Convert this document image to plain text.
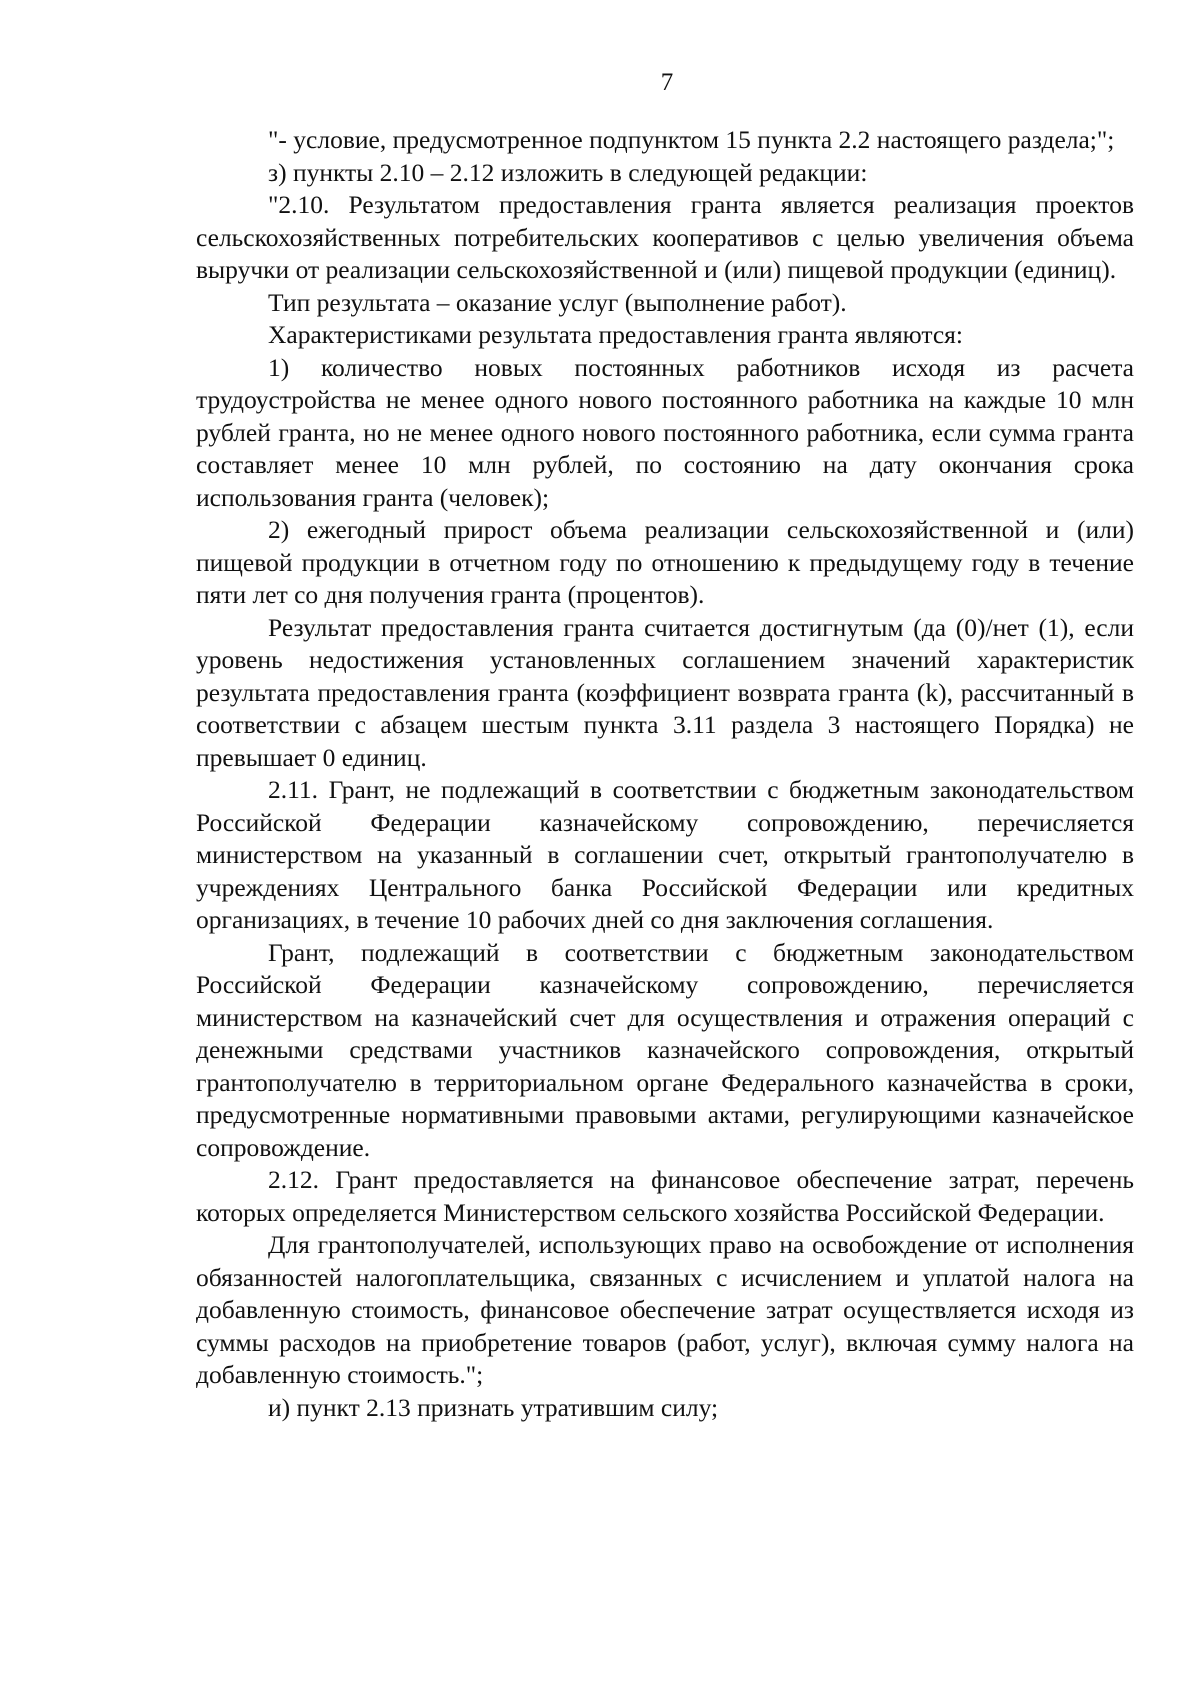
7

"- условие, предусмотренное подпунктом 15 пункта 2.2 настоящего раздела;";

з) пункты 2.10 – 2.12 изложить в следующей редакции:

"2.10. Результатом предоставления гранта является реализация проектов сельскохозяйственных потребительских кооперативов с целью увеличения объема выручки от реализации сельскохозяйственной и (или) пищевой продукции (единиц).

Тип результата – оказание услуг (выполнение работ).

Характеристиками результата предоставления гранта являются:

1) количество новых постоянных работников исходя из расчета трудоустройства не менее одного нового постоянного работника на каждые 10 млн рублей гранта, но не менее одного нового постоянного работника, если сумма гранта составляет менее 10 млн рублей, по состоянию на дату окончания срока использования гранта (человек);

2) ежегодный прирост объема реализации сельскохозяйственной и (или) пищевой продукции в отчетном году по отношению к предыдущему году в течение пяти лет со дня получения гранта (процентов).

Результат предоставления гранта считается достигнутым (да (0)/нет (1), если уровень недостижения установленных соглашением значений характеристик результата предоставления гранта (коэффициент возврата гранта (k), рассчитанный в соответствии с абзацем шестым пункта 3.11 раздела 3 настоящего Порядка) не превышает 0 единиц.

2.11. Грант, не подлежащий в соответствии с бюджетным законодательством Российской Федерации казначейскому сопровождению, перечисляется министерством на указанный в соглашении счет, открытый грантополучателю в учреждениях Центрального банка Российской Федерации или кредитных организациях, в течение 10 рабочих дней со дня заключения соглашения.

Грант, подлежащий в соответствии с бюджетным законодательством Российской Федерации казначейскому сопровождению, перечисляется министерством на казначейский счет для осуществления и отражения операций с денежными средствами участников казначейского сопровождения, открытый грантополучателю в территориальном органе Федерального казначейства в сроки, предусмотренные нормативными правовыми актами, регулирующими казначейское сопровождение.

2.12. Грант предоставляется на финансовое обеспечение затрат, перечень которых определяется Министерством сельского хозяйства Российской Федерации.

Для грантополучателей, использующих право на освобождение от исполнения обязанностей налогоплательщика, связанных с исчислением и уплатой налога на добавленную стоимость, финансовое обеспечение затрат осуществляется исходя из суммы расходов на приобретение товаров (работ, услуг), включая сумму налога на добавленную стоимость.";

и) пункт 2.13 признать утратившим силу;
